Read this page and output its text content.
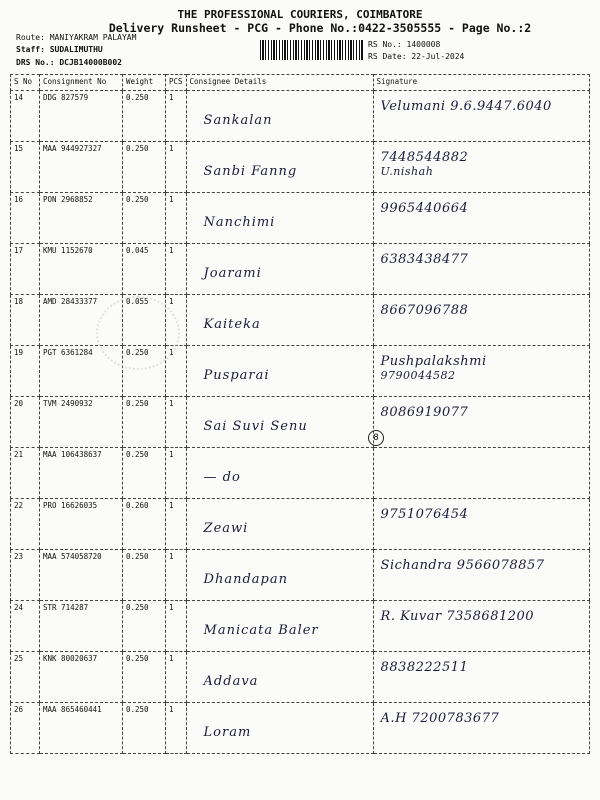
THE PROFESSIONAL COURIERS, COIMBATORE
Delivery Runsheet - PCG - Phone No.:0422-3505555 - Page No.:2
Route: MANIYAKRAM PALAYAM
Staff: SUDALIMUTHU
DRS No.: DCJB14000B002
RS No.: 1400008
RS Date: 22-Jul-2024
S No	Consignment No	Weight	PCS	Consignee Details	Signature
14	DDG 827579	0.250	1	Sankalan	Velumani 9.6.9447.6040

15	MAA 944927327	0.250	1	Sanbi Fanng	7448544882
U.nishah

16	PON 2968852	0.250	1	Nanchimi	9965440664

17	KMU 1152670	0.045	1	Joarami	6383438477

18	AMD 28433377	0.055	1	Kaiteka	8667096788

19	PGT 6361284	0.250	1	Pusparai	Pushpalakshmi
9790044582

20	TVM 2490932	0.250	1	Sai Suvi Senu	8086919077

21	MAA 106438637	0.250	1	— do	

22	PRO 16626035	0.260	1	Zeawi	9751076454

23	MAA 574058720	0.250	1	Dhandapan	Sichandra 9566078857

24	STR 714287	0.250	1	Manicata Baler	R. Kuvar 7358681200

25	KNK 80020637	0.250	1	Addava	8838222511

26	MAA 865460441	0.250	1	Loram	A.H 7200783677
8
